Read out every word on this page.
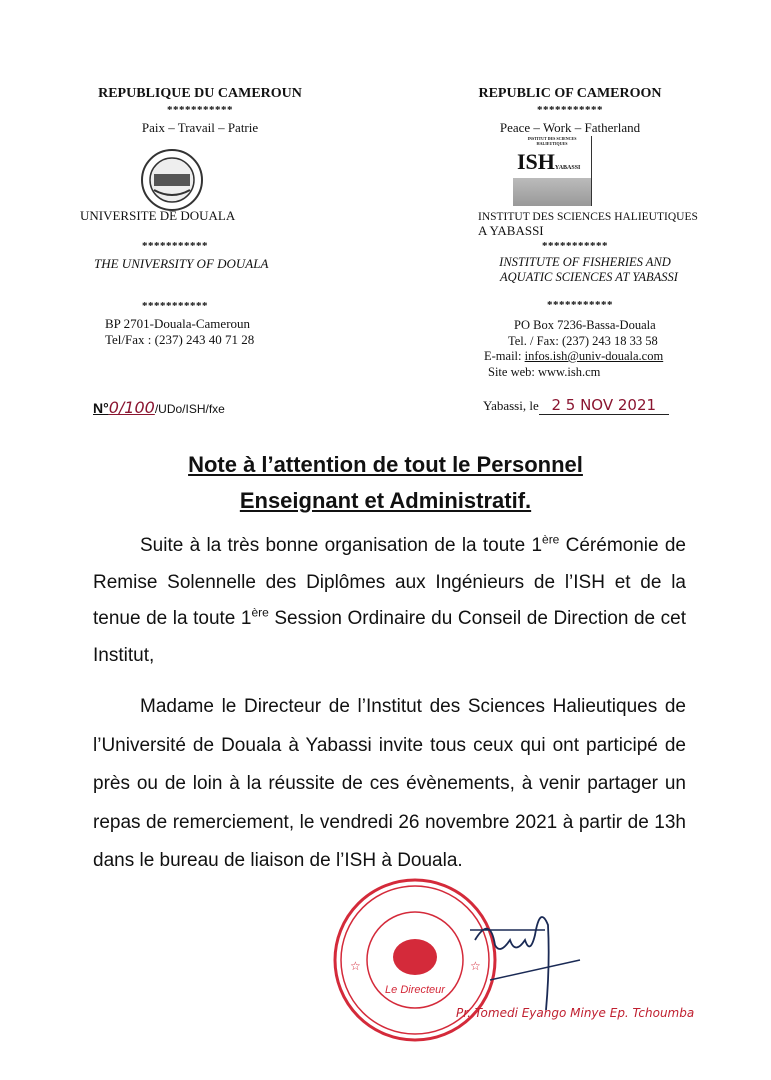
REPUBLIQUE DU CAMEROUN
***********
Paix – Travail – Patrie
UNIVERSITE DE DOUALA
***********
THE UNIVERSITY OF DOUALA
***********
BP 2701-Douala-Cameroun
Tel/Fax : (237) 243 40 71 28
REPUBLIC OF CAMEROON
***********
Peace – Work – Fatherland
INSTITUT DES SCIENCES HALIEUTIQUES
ISHYABASSI
INSTITUT DES SCIENCES HALIEUTIQUES
A YABASSI
***********
INSTITUTE OF FISHERIES AND
AQUATIC SCIENCES AT YABASSI
***********
PO Box 7236-Bassa-Douala
Tel. / Fax: (237) 243 18 33 58
E-mail: infos.ish@univ-douala.com
Site web: www.ish.cm
N°0/100/UDo/ISH/fxe	Yabassi, le 2 5 NOV 2021
Note à l’attention de tout le Personnel
Enseignant et Administratif.
Suite à la très bonne organisation de la toute 1ère Cérémonie de Remise Solennelle des Diplômes aux Ingénieurs de l’ISH et de la tenue de la toute 1ère Session Ordinaire du Conseil de Direction de cet Institut,
Madame le Directeur de l’Institut des Sciences Halieutiques de l’Université de Douala à Yabassi invite tous ceux qui ont participé de près ou de loin à la réussite de ces évènements, à venir partager un repas de remerciement, le vendredi 26 novembre 2021 à partir de 13h dans le bureau de liaison de l’ISH à Douala.
Le Directeur
☆	☆
Pr. Tomedi Eyango Minye Ep. Tchoumba
